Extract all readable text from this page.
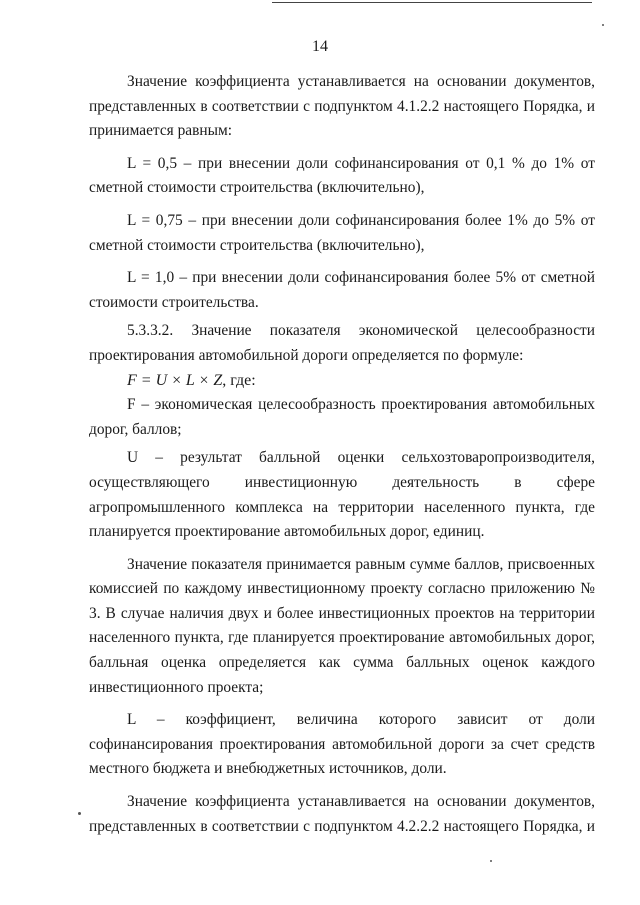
14

Значение коэффициента устанавливается на основании документов, представленных в соответствии с подпунктом 4.1.2.2 настоящего Порядка, и принимается равным:

L = 0,5 – при внесении доли софинансирования от 0,1 % до 1% от сметной стоимости строительства (включительно),

L = 0,75 – при внесении доли софинансирования более 1% до 5% от сметной стоимости строительства (включительно),

L = 1,0 – при внесении доли софинансирования более 5% от сметной стоимости строительства.

5.3.3.2. Значение показателя экономической целесообразности проектирования автомобильной дороги определяется по формуле:

F = U × L × Z, где:

F – экономическая целесообразность проектирования автомобильных дорог, баллов;

U – результат балльной оценки сельхозтоваропроизводителя, осуществляющего инвестиционную деятельность в сфере агропромышленного комплекса на территории населенного пункта, где планируется проектирование автомобильных дорог, единиц.

Значение показателя принимается равным сумме баллов, присвоенных комиссией по каждому инвестиционному проекту согласно приложению № 3. В случае наличия двух и более инвестиционных проектов на территории населенного пункта, где планируется проектирование автомобильных дорог, балльная оценка определяется как сумма балльных оценок каждого инвестиционного проекта;

L – коэффициент, величина которого зависит от доли софинансирования проектирования автомобильной дороги за счет средств местного бюджета и внебюджетных источников, доли.

Значение коэффициента устанавливается на основании документов, представленных в соответствии с подпунктом 4.2.2.2 настоящего Порядка, и
